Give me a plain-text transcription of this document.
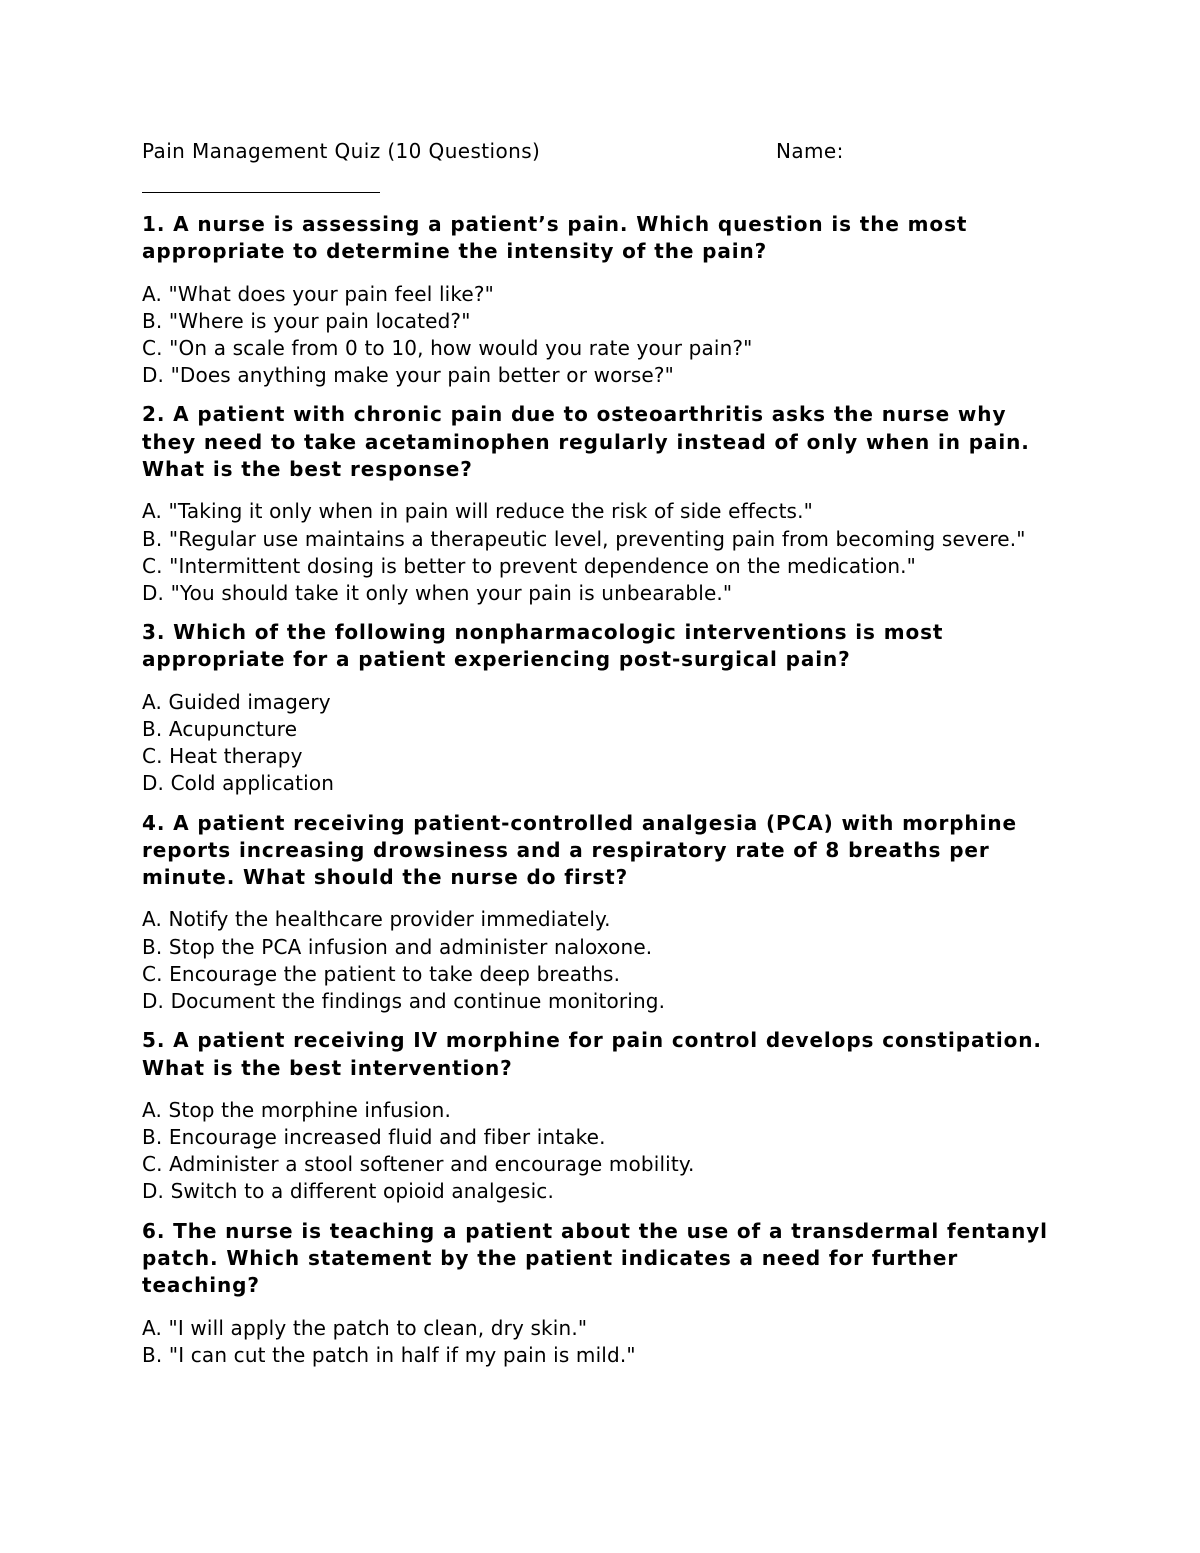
Pain Management Quiz (10 Questions)	Name:

1. A nurse is assessing a patient’s pain. Which question is the most appropriate to determine the intensity of the pain?

A. "What does your pain feel like?"
B. "Where is your pain located?"
C. "On a scale from 0 to 10, how would you rate your pain?"
D. "Does anything make your pain better or worse?"

2. A patient with chronic pain due to osteoarthritis asks the nurse why they need to take acetaminophen regularly instead of only when in pain. What is the best response?

A. "Taking it only when in pain will reduce the risk of side effects."
B. "Regular use maintains a therapeutic level, preventing pain from becoming severe."
C. "Intermittent dosing is better to prevent dependence on the medication."
D. "You should take it only when your pain is unbearable."

3. Which of the following nonpharmacologic interventions is most appropriate for a patient experiencing post-surgical pain?

A. Guided imagery
B. Acupuncture
C. Heat therapy
D. Cold application

4. A patient receiving patient-controlled analgesia (PCA) with morphine reports increasing drowsiness and a respiratory rate of 8 breaths per minute. What should the nurse do first?

A. Notify the healthcare provider immediately.
B. Stop the PCA infusion and administer naloxone.
C. Encourage the patient to take deep breaths.
D. Document the findings and continue monitoring.

5. A patient receiving IV morphine for pain control develops constipation. What is the best intervention?

A. Stop the morphine infusion.
B. Encourage increased fluid and fiber intake.
C. Administer a stool softener and encourage mobility.
D. Switch to a different opioid analgesic.

6. The nurse is teaching a patient about the use of a transdermal fentanyl patch. Which statement by the patient indicates a need for further teaching?

A. "I will apply the patch to clean, dry skin."
B. "I can cut the patch in half if my pain is mild."
